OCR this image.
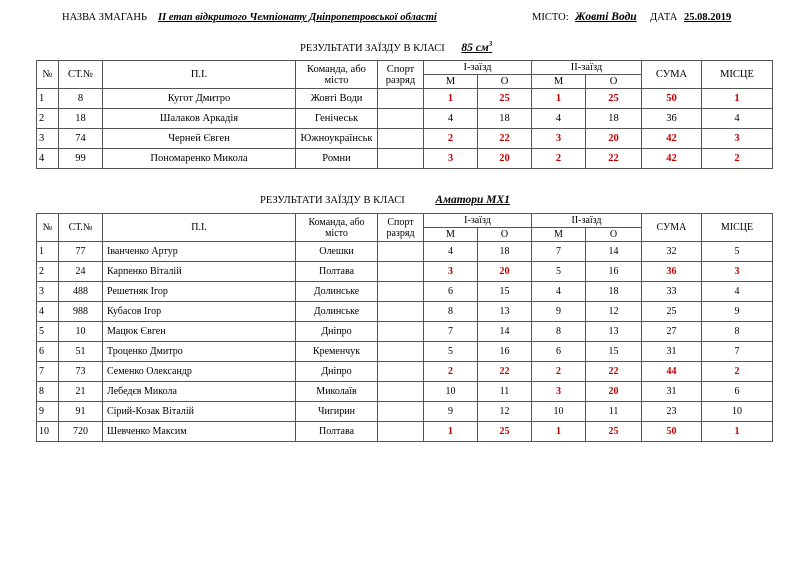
НАЗВА ЗМАГАНЬ II етап відкритого Чемпіонату Дніпропетровської області	МІСТО: Жовті Води ДАТА 25.08.2019
РЕЗУЛЬТАТИ ЗАЇЗДУ В КЛАСІ 85 $см^3$
№	СТ.№	П.І.	Команда, або місто	Спорт разряд	І-заїзд		ІІ-заїзд		СУМА	МІСЦЕ
					М	О	М	О		
1	8	Кугот Дмитро	Жовті Води		1	25	1	25	50	1
2	18	Шалаков Аркадія	Генічеськ		4	18	4	18	36	4
3	74	Черней Євген	Южноукраїнськ		2	22	3	20	42	3
4	99	Пономаренко Микола	Ромни		3	20	2	22	42	2
РЕЗУЛЬТАТИ ЗАЇЗДУ В КЛАСІ	Аматори МХ1
№	СТ.№	П.І.	Команда, або місто	Спорт разряд	І-заїзд		ІІ-заїзд		СУМА	МІСЦЕ
					М	О	М	О		
1	77	Іванченко Артур	Олешки		4	18	7	14	32	5
2	24	Карпенко Віталій	Полтава		3	20	5	16	36	3
3	488	Решетняк Ігор	Долинське		6	15	4	18	33	4
4	988	Кубасов Ігор	Долинське		8	13	9	12	25	9
5	10	Мацюк Євген	Дніпро		7	14	8	13	27	8
6	51	Троценко Дмитро	Кременчук		5	16	6	15	31	7
7	73	Семенко Олександр	Дніпро		2	22	2	22	44	2
8	21	Лебедєв Микола	Миколаїв		10	11	3	20	31	6
9	91	Сірий-Козак Віталій	Чигирин		9	12	10	11	23	10
10	720	Шевченко Максим	Полтава		1	25	1	25	50	1
